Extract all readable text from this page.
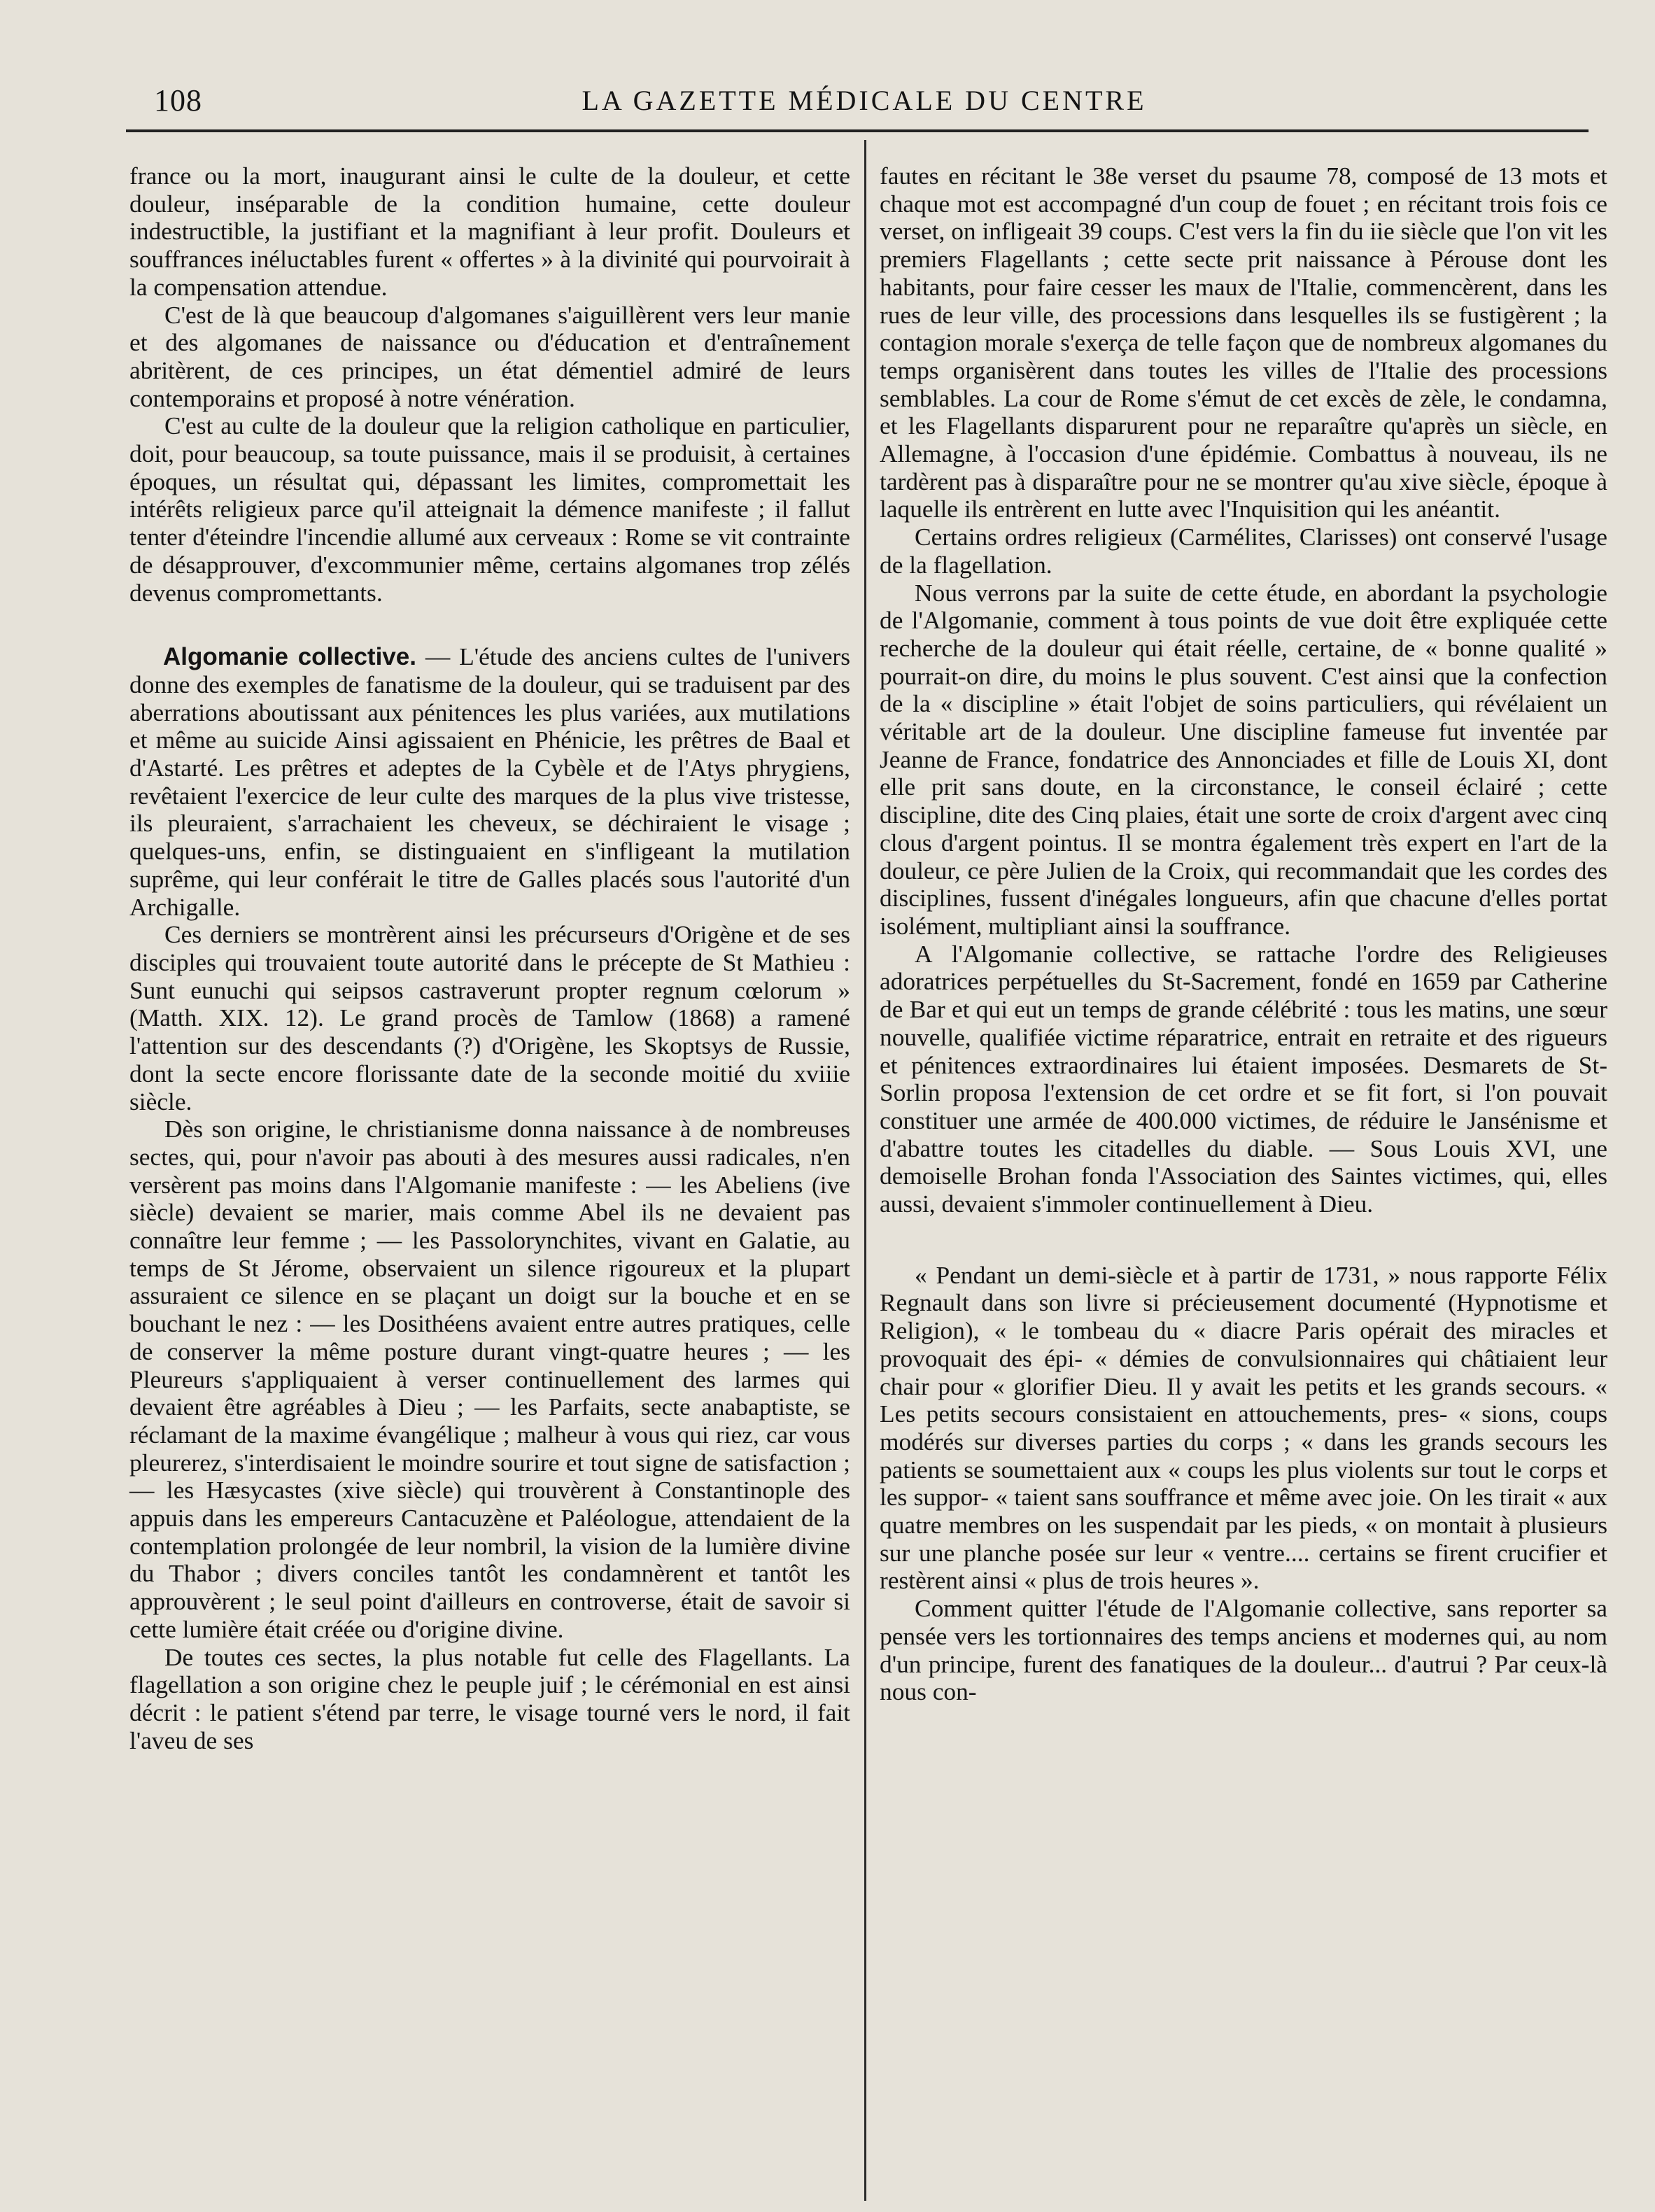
108	LA GAZETTE MÉDICALE DU CENTRE

france ou la mort, inaugurant ainsi le culte de la douleur, et cette douleur, inséparable de la condition humaine, cette douleur indestructible, la justifiant et la magnifiant à leur profit. Douleurs et souffrances inéluctables furent « offertes » à la divinité qui pourvoirait à la compensation attendue.

C'est de là que beaucoup d'algomanes s'aiguillèrent vers leur manie et des algomanes de naissance ou d'éducation et d'entraînement abritèrent, de ces principes, un état démentiel admiré de leurs contemporains et proposé à notre vénération.

C'est au culte de la douleur que la religion catholique en particulier, doit, pour beaucoup, sa toute puissance, mais il se produisit, à certaines époques, un résultat qui, dépassant les limites, compromettait les intérêts religieux parce qu'il atteignait la démence manifeste ; il fallut tenter d'éteindre l'incendie allumé aux cerveaux : Rome se vit contrainte de désapprouver, d'excommunier même, certains algomanes trop zélés devenus compromettants.

Algomanie collective. — L'étude des anciens cultes de l'univers donne des exemples de fanatisme de la douleur, qui se traduisent par des aberrations aboutissant aux pénitences les plus variées, aux mutilations et même au suicide Ainsi agissaient en Phénicie, les prêtres de Baal et d'Astarté. Les prêtres et adeptes de la Cybèle et de l'Atys phrygiens, revêtaient l'exercice de leur culte des marques de la plus vive tristesse, ils pleuraient, s'arrachaient les cheveux, se déchiraient le visage ; quelques-uns, enfin, se distinguaient en s'infligeant la mutilation suprême, qui leur conférait le titre de Galles placés sous l'autorité d'un Archigalle.

Ces derniers se montrèrent ainsi les précurseurs d'Origène et de ses disciples qui trouvaient toute autorité dans le précepte de St Mathieu : Sunt eunuchi qui seipsos castraverunt propter regnum cœlorum » (Matth. XIX. 12). Le grand procès de Tamlow (1868) a ramené l'attention sur des descendants (?) d'Origène, les Skoptsys de Russie, dont la secte encore florissante date de la seconde moitié du xviiie siècle.

Dès son origine, le christianisme donna naissance à de nombreuses sectes, qui, pour n'avoir pas abouti à des mesures aussi radicales, n'en versèrent pas moins dans l'Algomanie manifeste : — les Abeliens (ive siècle) devaient se marier, mais comme Abel ils ne devaient pas connaître leur femme ; — les Passolorynchites, vivant en Galatie, au temps de St Jérome, observaient un silence rigoureux et la plupart assuraient ce silence en se plaçant un doigt sur la bouche et en se bouchant le nez : — les Dosithéens avaient entre autres pratiques, celle de conserver la même posture durant vingt-quatre heures ; — les Pleureurs s'appliquaient à verser continuellement des larmes qui devaient être agréables à Dieu ; — les Parfaits, secte anabaptiste, se réclamant de la maxime évangélique ; malheur à vous qui riez, car vous pleurerez, s'interdisaient le moindre sourire et tout signe de satisfaction ; — les Hæsycastes (xive siècle) qui trouvèrent à Constantinople des appuis dans les empereurs Cantacuzène et Paléologue, attendaient de la contemplation prolongée de leur nombril, la vision de la lumière divine du Thabor ; divers conciles tantôt les condamnèrent et tantôt les approuvèrent ; le seul point d'ailleurs en controverse, était de savoir si cette lumière était créée ou d'origine divine.

De toutes ces sectes, la plus notable fut celle des Flagellants. La flagellation a son origine chez le peuple juif ; le cérémonial en est ainsi décrit : le patient s'étend par terre, le visage tourné vers le nord, il fait l'aveu de ses

fautes en récitant le 38e verset du psaume 78, composé de 13 mots et chaque mot est accompagné d'un coup de fouet ; en récitant trois fois ce verset, on infligeait 39 coups. C'est vers la fin du iie siècle que l'on vit les premiers Flagellants ; cette secte prit naissance à Pérouse dont les habitants, pour faire cesser les maux de l'Italie, commencèrent, dans les rues de leur ville, des processions dans lesquelles ils se fustigèrent ; la contagion morale s'exerça de telle façon que de nombreux algomanes du temps organisèrent dans toutes les villes de l'Italie des processions semblables. La cour de Rome s'émut de cet excès de zèle, le condamna, et les Flagellants disparurent pour ne reparaître qu'après un siècle, en Allemagne, à l'occasion d'une épidémie. Combattus à nouveau, ils ne tardèrent pas à disparaître pour ne se montrer qu'au xive siècle, époque à laquelle ils entrèrent en lutte avec l'Inquisition qui les anéantit.

Certains ordres religieux (Carmélites, Clarisses) ont conservé l'usage de la flagellation.

Nous verrons par la suite de cette étude, en abordant la psychologie de l'Algomanie, comment à tous points de vue doit être expliquée cette recherche de la douleur qui était réelle, certaine, de « bonne qualité » pourrait-on dire, du moins le plus souvent. C'est ainsi que la confection de la « discipline » était l'objet de soins particuliers, qui révélaient un véritable art de la douleur. Une discipline fameuse fut inventée par Jeanne de France, fondatrice des Annonciades et fille de Louis XI, dont elle prit sans doute, en la circonstance, le conseil éclairé ; cette discipline, dite des Cinq plaies, était une sorte de croix d'argent avec cinq clous d'argent pointus. Il se montra également très expert en l'art de la douleur, ce père Julien de la Croix, qui recommandait que les cordes des disciplines, fussent d'inégales longueurs, afin que chacune d'elles portat isolément, multipliant ainsi la souffrance.

A l'Algomanie collective, se rattache l'ordre des Religieuses adoratrices perpétuelles du St-Sacrement, fondé en 1659 par Catherine de Bar et qui eut un temps de grande célébrité : tous les matins, une sœur nouvelle, qualifiée victime réparatrice, entrait en retraite et des rigueurs et pénitences extraordinaires lui étaient imposées. Desmarets de St-Sorlin proposa l'extension de cet ordre et se fit fort, si l'on pouvait constituer une armée de 400.000 victimes, de réduire le Jansénisme et d'abattre toutes les citadelles du diable. — Sous Louis XVI, une demoiselle Brohan fonda l'Association des Saintes victimes, qui, elles aussi, devaient s'immoler continuellement à Dieu.

« Pendant un demi-siècle et à partir de 1731, » nous rapporte Félix Regnault dans son livre si précieusement documenté (Hypnotisme et Religion), « le tombeau du « diacre Paris opérait des miracles et provoquait des épi- « démies de convulsionnaires qui châtiaient leur chair pour « glorifier Dieu. Il y avait les petits et les grands secours. « Les petits secours consistaient en attouchements, pres- « sions, coups modérés sur diverses parties du corps ; « dans les grands secours les patients se soumettaient aux « coups les plus violents sur tout le corps et les suppor- « taient sans souffrance et même avec joie. On les tirait « aux quatre membres on les suspendait par les pieds, « on montait à plusieurs sur une planche posée sur leur « ventre.... certains se firent crucifier et restèrent ainsi « plus de trois heures ».

Comment quitter l'étude de l'Algomanie collective, sans reporter sa pensée vers les tortionnaires des temps anciens et modernes qui, au nom d'un principe, furent des fanatiques de la douleur... d'autrui ? Par ceux-là nous con-
